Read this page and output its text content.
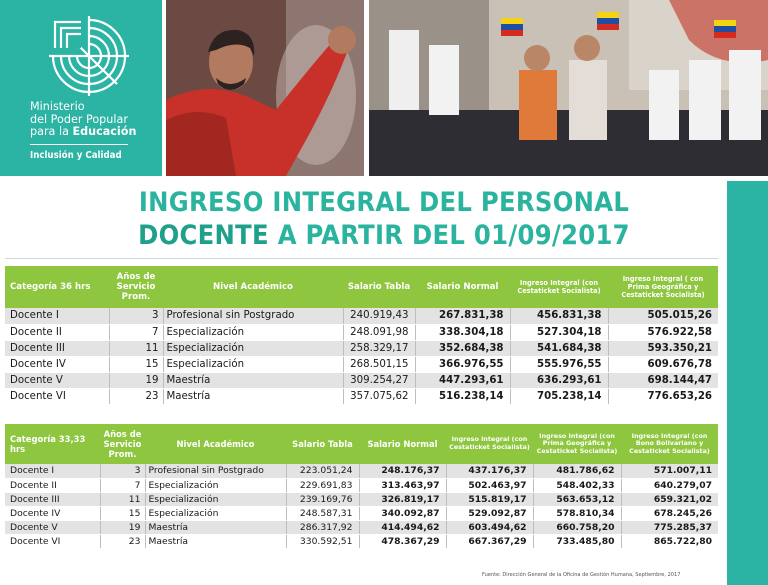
Ministerio
del Poder Popular
para la Educación
Inclusión y Calidad
INGRESO INTEGRAL DEL PERSONAL
DOCENTE A PARTIR DEL 01/09/2017
Categoría 36 hrs	Años de Servicio Prom.	Nivel Académico	Salario Tabla	Salario Normal	Ingreso Integral (con Cestaticket Socialista)	Ingreso Integral ( con Prima Geográfica y Cestaticket Socialista)
Docente I	3	Profesional sin Postgrado	240.919,43	267.831,38	456.831,38	505.015,26
Docente II	7	Especialización	248.091,98	338.304,18	527.304,18	576.922,58
Docente III	11	Especialización	258.329,17	352.684,38	541.684,38	593.350,21
Docente IV	15	Especialización	268.501,15	366.976,55	555.976,55	609.676,78
Docente V	19	Maestría	309.254,27	447.293,61	636.293,61	698.144,47
Docente VI	23	Maestría	357.075,62	516.238,14	705.238,14	776.653,26
Categoría 33,33 hrs	Años de Servicio Prom.	Nivel Académico	Salario Tabla	Salario Normal	Ingreso integral (con Cestaticket Socialista)	Ingreso Integral (con Prima Geográfica y Cestaticket Socialista)	Ingreso Integral (con Bono Bolivariano y Cestaticket Socialista)
Docente I	3	Profesional sin Postgrado	223.051,24	248.176,37	437.176,37	481.786,62	571.007,11
Docente II	7	Especialización	229.691,83	313.463,97	502.463,97	548.402,33	640.279,07
Docente III	11	Especialización	239.169,76	326.819,17	515.819,17	563.653,12	659.321,02
Docente IV	15	Especialización	248.587,31	340.092,87	529.092,87	578.810,34	678.245,26
Docente V	19	Maestría	286.317,92	414.494,62	603.494,62	660.758,20	775.285,37
Docente VI	23	Maestría	330.592,51	478.367,29	667.367,29	733.485,80	865.722,80
Fuente: Dirección General de la Oficina de Gestión Humana, Septiembre, 2017
